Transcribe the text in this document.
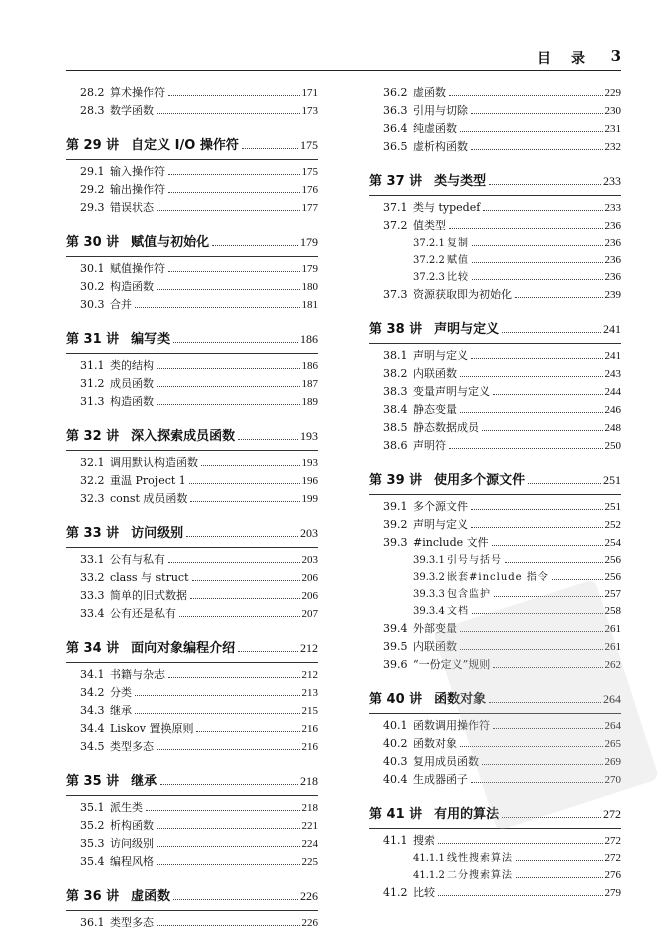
目录 3
28.2 算术操作符	171
28.3 数学函数	173
第 29 讲 自定义 I/O 操作符	175
29.1 输入操作符	175
29.2 输出操作符	176
29.3 错误状态	177
第 30 讲 赋值与初始化	179
30.1 赋值操作符	179
30.2 构造函数	180
30.3 合并	181
第 31 讲 编写类	186
31.1 类的结构	186
31.2 成员函数	187
31.3 构造函数	189
第 32 讲 深入探索成员函数	193
32.1 调用默认构造函数	193
32.2 重温 Project 1	196
32.3 const 成员函数	199
第 33 讲 访问级别	203
33.1 公有与私有	203
33.2 class 与 struct	206
33.3 简单的旧式数据	206
33.4 公有还是私有	207
第 34 讲 面向对象编程介绍	212
34.1 书籍与杂志	212
34.2 分类	213
34.3 继承	215
34.4 Liskov 置换原则	216
34.5 类型多态	216
第 35 讲 继承	218
35.1 派生类	218
35.2 析构函数	221
35.3 访问级别	224
35.4 编程风格	225
第 36 讲 虚函数	226
36.1 类型多态	226
36.2 虚函数	229
36.3 引用与切除	230
36.4 纯虚函数	231
36.5 虚析构函数	232
第 37 讲 类与类型	233
37.1 类与 typedef	233
37.2 值类型	236
37.2.1 复制	236
37.2.2 赋值	236
37.2.3 比较	236
37.3 资源获取即为初始化	239
第 38 讲 声明与定义	241
38.1 声明与定义	241
38.2 内联函数	243
38.3 变量声明与定义	244
38.4 静态变量	246
38.5 静态数据成员	248
38.6 声明符	250
第 39 讲 使用多个源文件	251
39.1 多个源文件	251
39.2 声明与定义	252
39.3 #include 文件	254
39.3.1 引号与括号	256
39.3.2 嵌套#include 指令	256
39.3.3 包含监护	257
39.3.4 文档	258
39.4 外部变量	261
39.5 内联函数	261
39.6 “一份定义”规则	262
第 40 讲 函数对象	264
40.1 函数调用操作符	264
40.2 函数对象	265
40.3 复用成员函数	269
40.4 生成器函子	270
第 41 讲 有用的算法	272
41.1 搜索	272
41.1.1 线性搜索算法	272
41.1.2 二分搜索算法	276
41.2 比较	279
